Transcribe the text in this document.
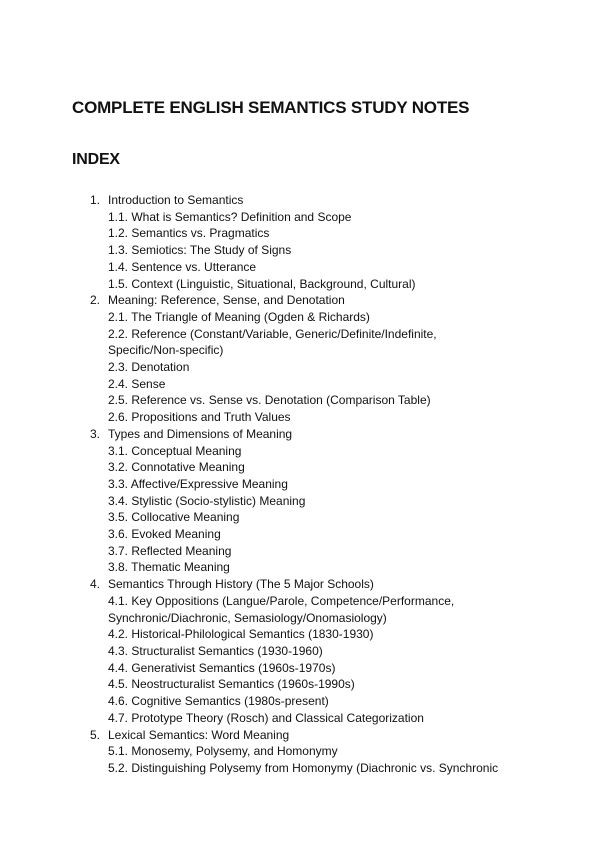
COMPLETE ENGLISH SEMANTICS STUDY NOTES
INDEX
1. Introduction to Semantics
1.1. What is Semantics? Definition and Scope
1.2. Semantics vs. Pragmatics
1.3. Semiotics: The Study of Signs
1.4. Sentence vs. Utterance
1.5. Context (Linguistic, Situational, Background, Cultural)
2. Meaning: Reference, Sense, and Denotation
2.1. The Triangle of Meaning (Ogden & Richards)
2.2. Reference (Constant/Variable, Generic/Definite/Indefinite, Specific/Non-specific)
2.3. Denotation
2.4. Sense
2.5. Reference vs. Sense vs. Denotation (Comparison Table)
2.6. Propositions and Truth Values
3. Types and Dimensions of Meaning
3.1. Conceptual Meaning
3.2. Connotative Meaning
3.3. Affective/Expressive Meaning
3.4. Stylistic (Socio-stylistic) Meaning
3.5. Collocative Meaning
3.6. Evoked Meaning
3.7. Reflected Meaning
3.8. Thematic Meaning
4. Semantics Through History (The 5 Major Schools)
4.1. Key Oppositions (Langue/Parole, Competence/Performance, Synchronic/Diachronic, Semasiology/Onomasiology)
4.2. Historical-Philological Semantics (1830-1930)
4.3. Structuralist Semantics (1930-1960)
4.4. Generativist Semantics (1960s-1970s)
4.5. Neostructuralist Semantics (1960s-1990s)
4.6. Cognitive Semantics (1980s-present)
4.7. Prototype Theory (Rosch) and Classical Categorization
5. Lexical Semantics: Word Meaning
5.1. Monosemy, Polysemy, and Homonymy
5.2. Distinguishing Polysemy from Homonymy (Diachronic vs. Synchronic
